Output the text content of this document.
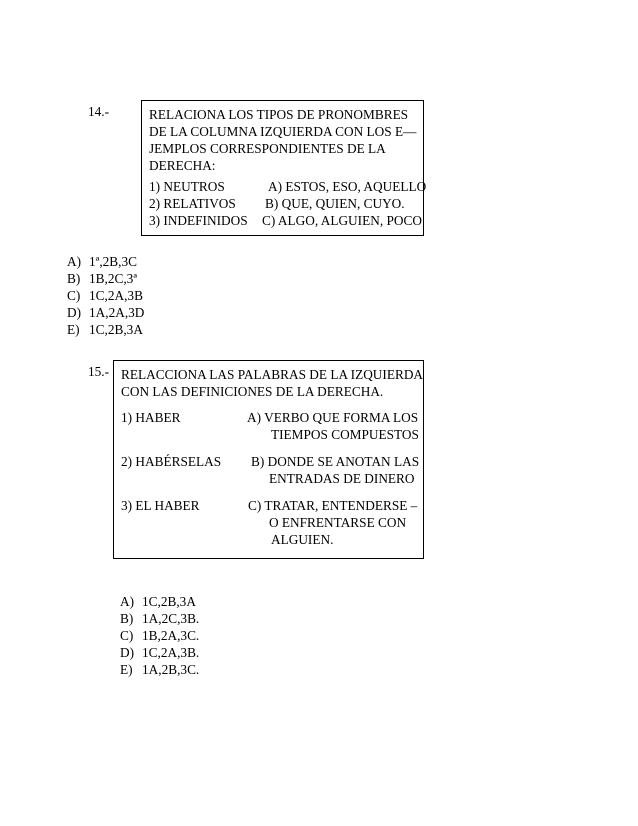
14.-	RELACIONA LOS TIPOS DE PRONOMBRES
DE LA COLUMNA IZQUIERDA CON LOS E—
JEMPLOS CORRESPONDIENTES DE LA
DERECHA:
1) NEUTROS	A) ESTOS, ESO, AQUELLO
2) RELATIVOS B) QUE, QUIEN, CUYO.
3) INDEFINIDOS C) ALGO, ALGUIEN, POCO
A) 1ª,2B,3C
B) 1B,2C,3ª
C) 1C,2A,3B
D) 1A,2A,3D
E) 1C,2B,3A
15.- RELACCIONA LAS PALABRAS DE LA IZQUIERDA
CON LAS DEFINICIONES DE LA DERECHA.
1) HABER	A) VERBO QUE FORMA LOS
TIEMPOS COMPUESTOS
2) HABÉRSELAS B) DONDE SE ANOTAN LAS
ENTRADAS DE DINERO
3) EL HABER	C) TRATAR, ENTENDERSE –
O ENFRENTARSE CON
ALGUIEN.
A) 1C,2B,3A
B) 1A,2C,3B.
C) 1B,2A,3C.
D) 1C,2A,3B.
E) 1A,2B,3C.
